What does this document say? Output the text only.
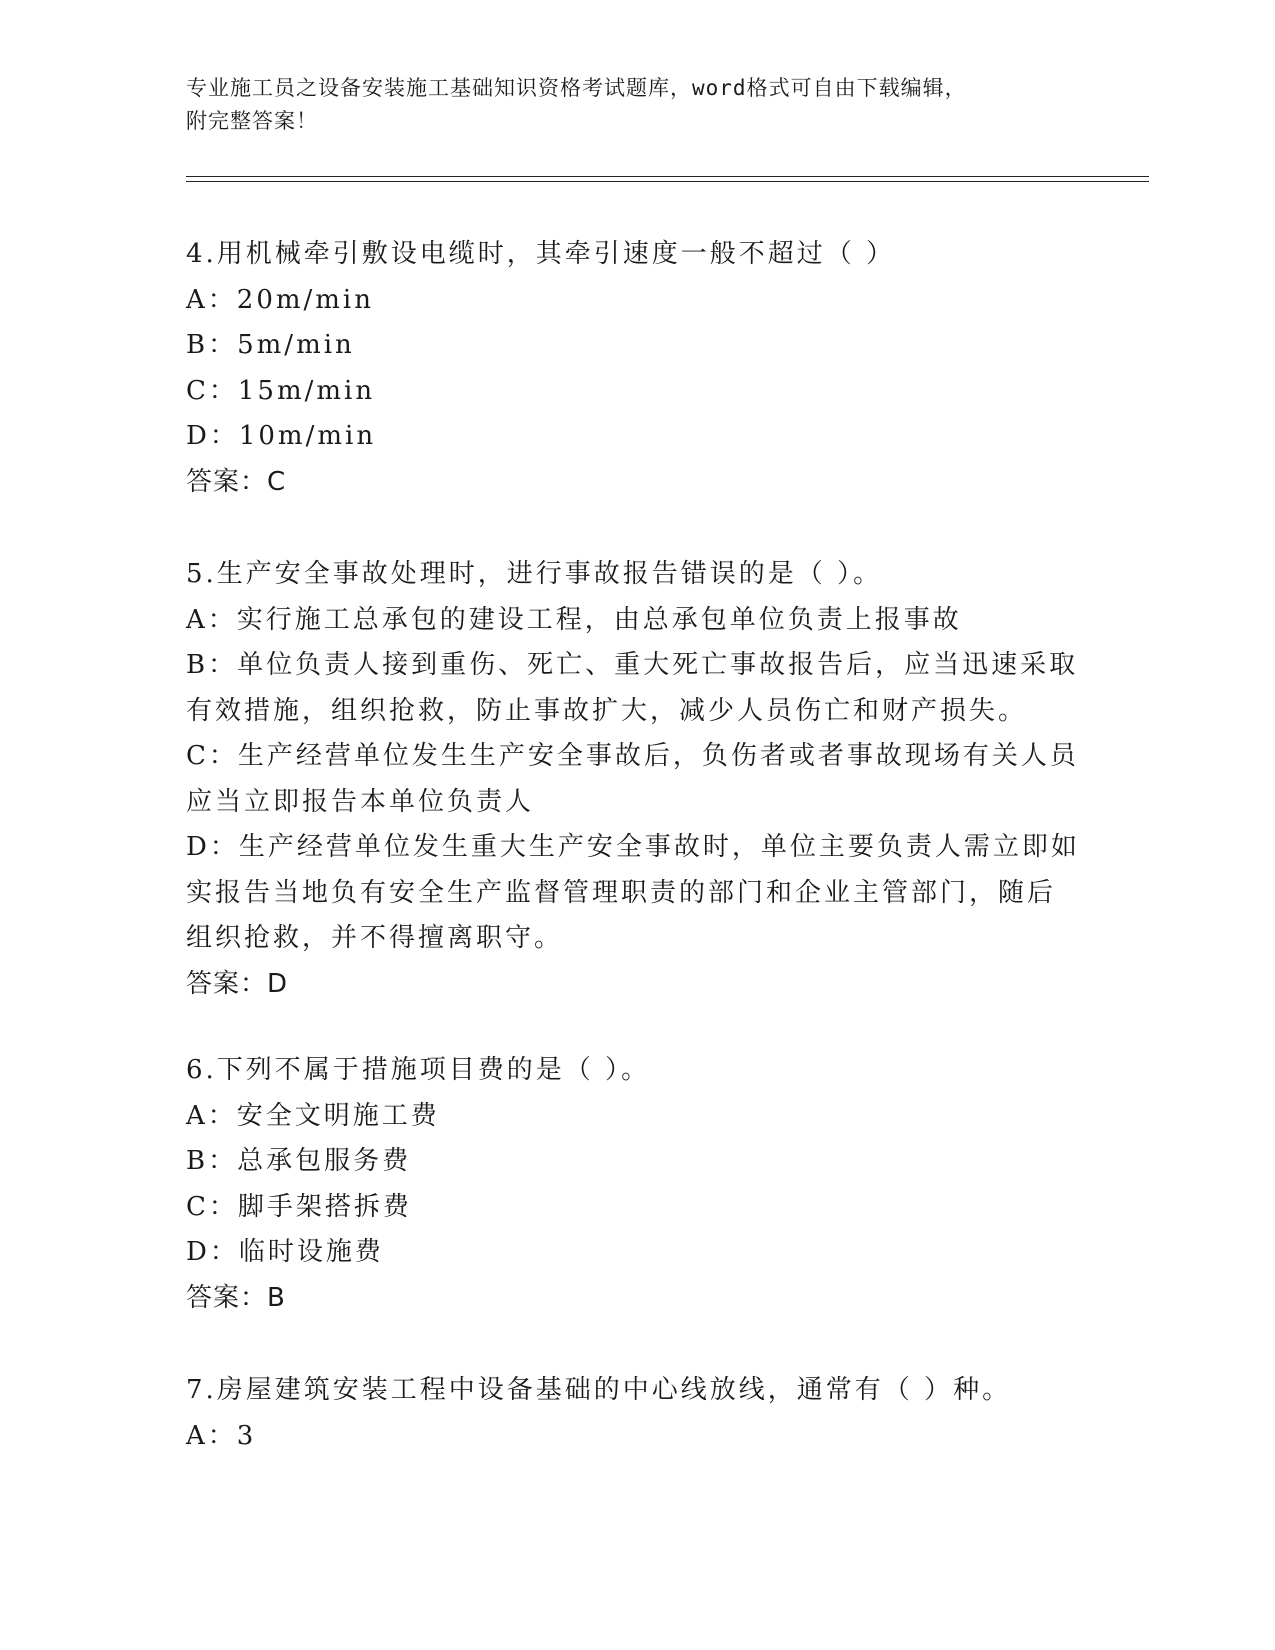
专业施工员之设备安装施工基础知识资格考试题库，word格式可自由下载编辑，
附完整答案！
4.用机械牵引敷设电缆时，其牵引速度一般不超过（ ）
A：20m/min
B：5m/min
C：15m/min
D：10m/min
答案：C
5.生产安全事故处理时，进行事故报告错误的是（ ）。
A：实行施工总承包的建设工程，由总承包单位负责上报事故
B：单位负责人接到重伤、死亡、重大死亡事故报告后，应当迅速采取
有效措施，组织抢救，防止事故扩大，减少人员伤亡和财产损失。
C：生产经营单位发生生产安全事故后，负伤者或者事故现场有关人员
应当立即报告本单位负责人
D：生产经营单位发生重大生产安全事故时，单位主要负责人需立即如
实报告当地负有安全生产监督管理职责的部门和企业主管部门，随后
组织抢救，并不得擅离职守。
答案：D
6.下列不属于措施项目费的是（ ）。
A：安全文明施工费
B：总承包服务费
C：脚手架搭拆费
D：临时设施费
答案：B
7.房屋建筑安装工程中设备基础的中心线放线，通常有（ ）种。
A：3
